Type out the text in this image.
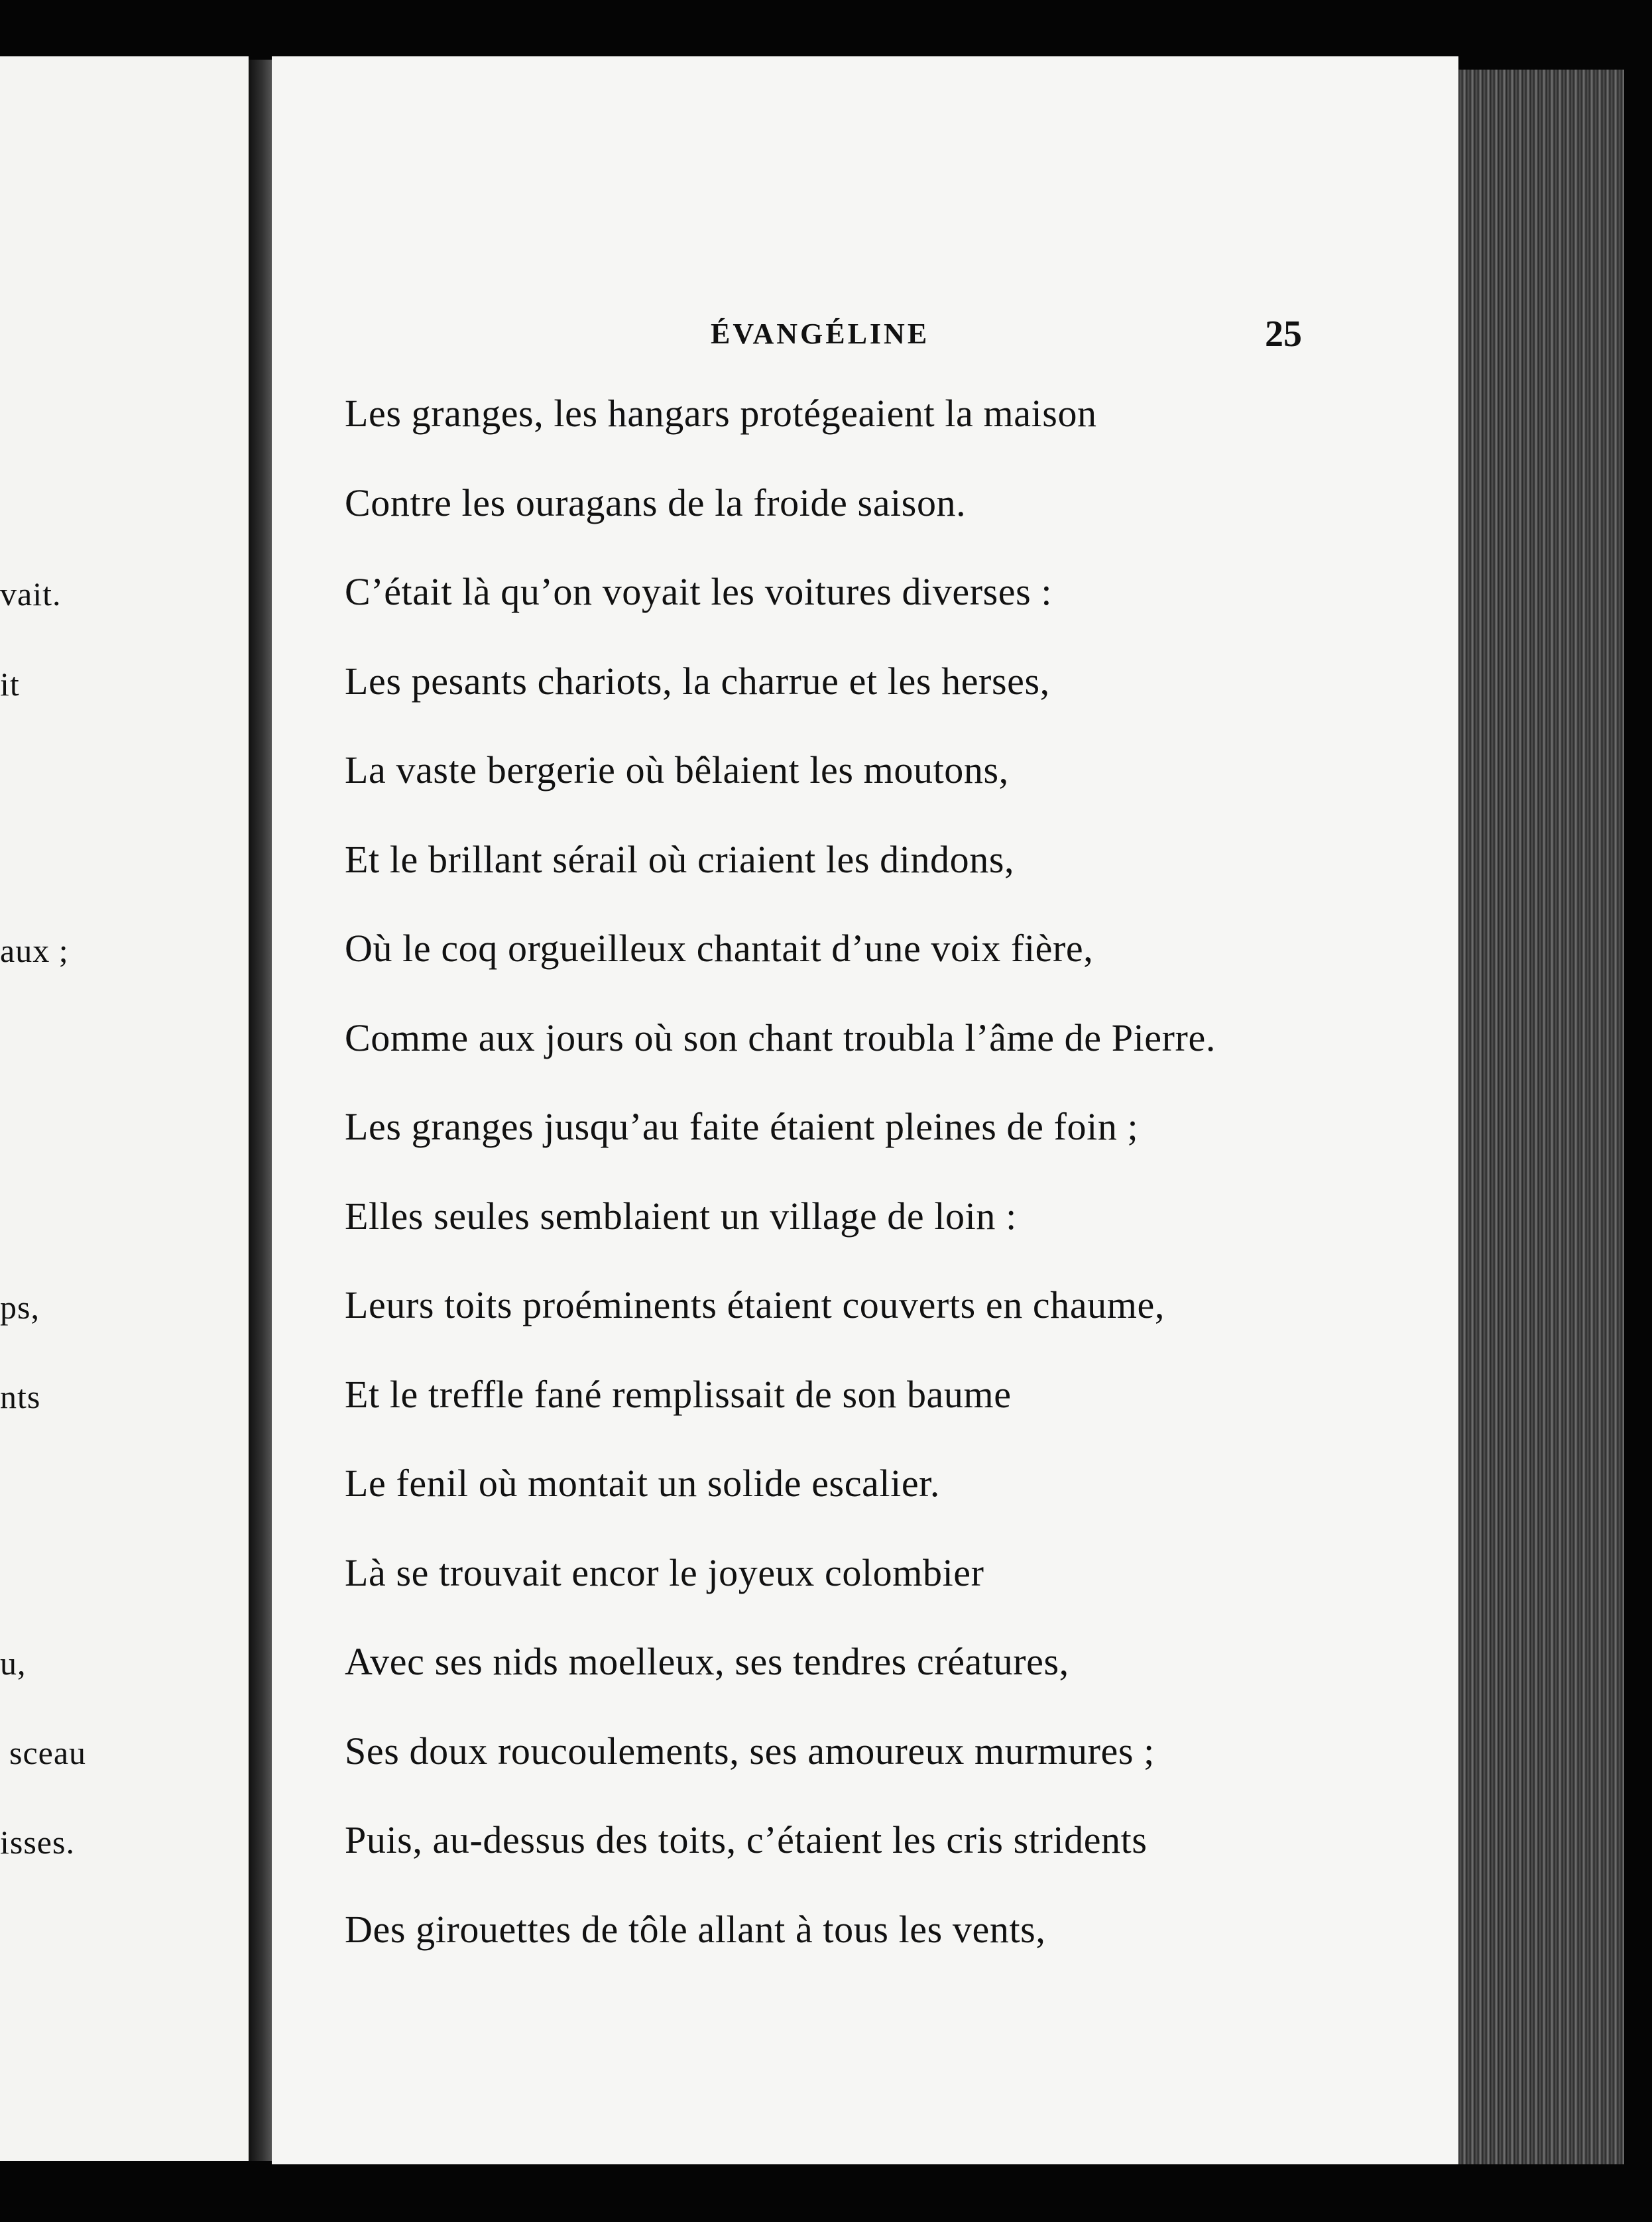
vait.
it
aux ;
ps,
nts
u,
sceau
isses.
ÉVANGÉLINE	25
Les granges, les hangars protégeaient la maison
Contre les ouragans de la froide saison.
C’était là qu’on voyait les voitures diverses :
Les pesants chariots, la charrue et les herses,
La vaste bergerie où bêlaient les moutons,
Et le brillant sérail où criaient les dindons,
Où le coq orgueilleux chantait d’une voix fière,
Comme aux jours où son chant troubla l’âme de Pierre.
Les granges jusqu’au faite étaient pleines de foin ;
Elles seules semblaient un village de loin :
Leurs toits proéminents étaient couverts en chaume,
Et le treffle fané remplissait de son baume
Le fenil où montait un solide escalier.
Là se trouvait encor le joyeux colombier
Avec ses nids moelleux, ses tendres créatures,
Ses doux roucoulements, ses amoureux murmures ;
Puis, au-dessus des toits, c’étaient les cris stridents
Des girouettes de tôle allant à tous les vents,
